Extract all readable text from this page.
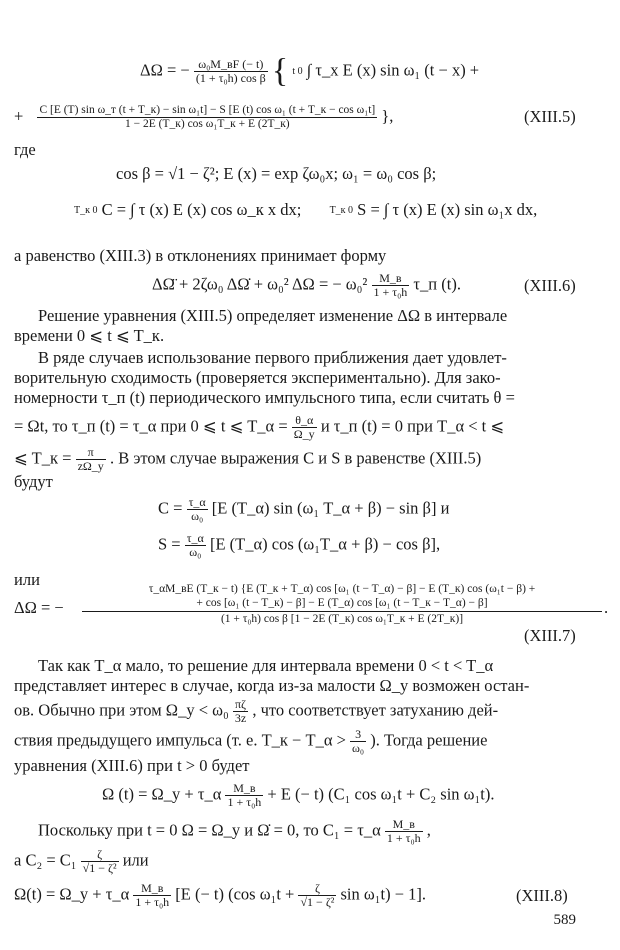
ΔΩ = − $\frac{\text{ω₀M\_вF (− t)}}{\text{(1 + τ₀h) cos β}}$ { t 0 ∫ τ_x E (x) sin ω₁ (t − x) +
+ C [E (T) sin ω_т (t + T_к) − sin ω₁t] − S [E (t) cos ω₁ (t + T_к − cos ω₁t]
1 − 2E (T_к) cos ω₁T_к + E (2T_к)	},	(XIII.5)
где
cos β = √1 − ζ²; E (x) = exp ζω₀x; ω₁ = ω₀ cos β;
T_к 0 C = ∫ τ (x) E (x) cos ω_к x dx;	T_к 0 S = ∫ τ (x) E (x) sin ω₁x dx,
а равенство (XIII.3) в отклонениях принимает форму
ΔΩ̈ + 2ζω₀ ΔΩ̇ + ω₀² ΔΩ = − $\omega_0^2 \frac{M\_в}{\text{1 + τ₀h}}$ τ_п (t).	(XIII.6)
Решение уравнения (XIII.5) определяет изменение ΔΩ в интервале
времени 0 ⩽ t ⩽ T_к.
В ряде случаев использование первого приближения дает удовлет-
ворительную сходимость (проверяется экспериментально). Для зако-
номерности τ_п (t) периодического импульсного типа, если считать θ =
= Ωt, то τ_п (t) = τ_α при 0 ⩽ t ⩽ T_α = $\frac{\theta\_\alpha}{\Omega\_у}$ и τ_п (t) = 0 при T_α < t ⩽
⩽ T_к = $\frac{\pi}{z\Omega\_у}$ . В этом случае выражения C и S в равенстве (XIII.5)
будут
$C = \frac{\tau\_\alpha}{\text{ω₀}} [E$ (T_α) sin (ω₁ T_α + β) − sin β] и
$S = \frac{\tau\_\alpha}{\text{ω₀}} [E$ (T_α) cos (ω₁T_α + β) − cos β],
или
ΔΩ = −
τ_αM_вE (T_к − t) {E (T_к + T_α) cos [ω₁ (t − T_α) − β] − E (T_к) cos (ω₁t − β) +
+ cos [ω₁ (t − T_к) − β] − E (T_α) cos [ω₁ (t − T_к − T_α) − β]
(1 + τ₀h) cos β [1 − 2E (T_к) cos ω₁T_к + E (2T_к)]
.
(XIII.7)
Так как T_α мало, то решение для интервала времени 0 < t < T_α
представляет интерес в случае, когда из-за малости Ω_у возможен остан-
ов. Обычно при этом Ω_у < $\omega_0 \frac{\pi\zeta}{3z}$ , что соответствует затуханию дей-
ствия предыдущего импульса (т. е. T_к − T_α > $\frac{3}{\text{ω₀}}$ ). Тогда решение
уравнения (XIII.6) при t > 0 будет
Ω (t) = Ω_у + τ_α $\frac{M\_в}{\text{1 + τ₀h}} + E$ (− t) (C₁ cos ω₁t + C₂ sin ω₁t).
Поскольку при t = 0 Ω = Ω_у и Ω̇ = 0, то C₁ = τ_α $\frac{M\_в}{\text{1 + τ₀h}}$ ,
а $C_2 = C_1 \frac{\zeta}{\text{√1 − ζ²}}$ или
Ω(t) = Ω_у + τ_α $\frac{M\_в}{\text{1 + τ₀h}} [E$ (− t) (cos $\omega_1t + \frac{\zeta}{\text{√1 − ζ²}}$ sin ω₁t) − 1].	(XIII.8)
589
